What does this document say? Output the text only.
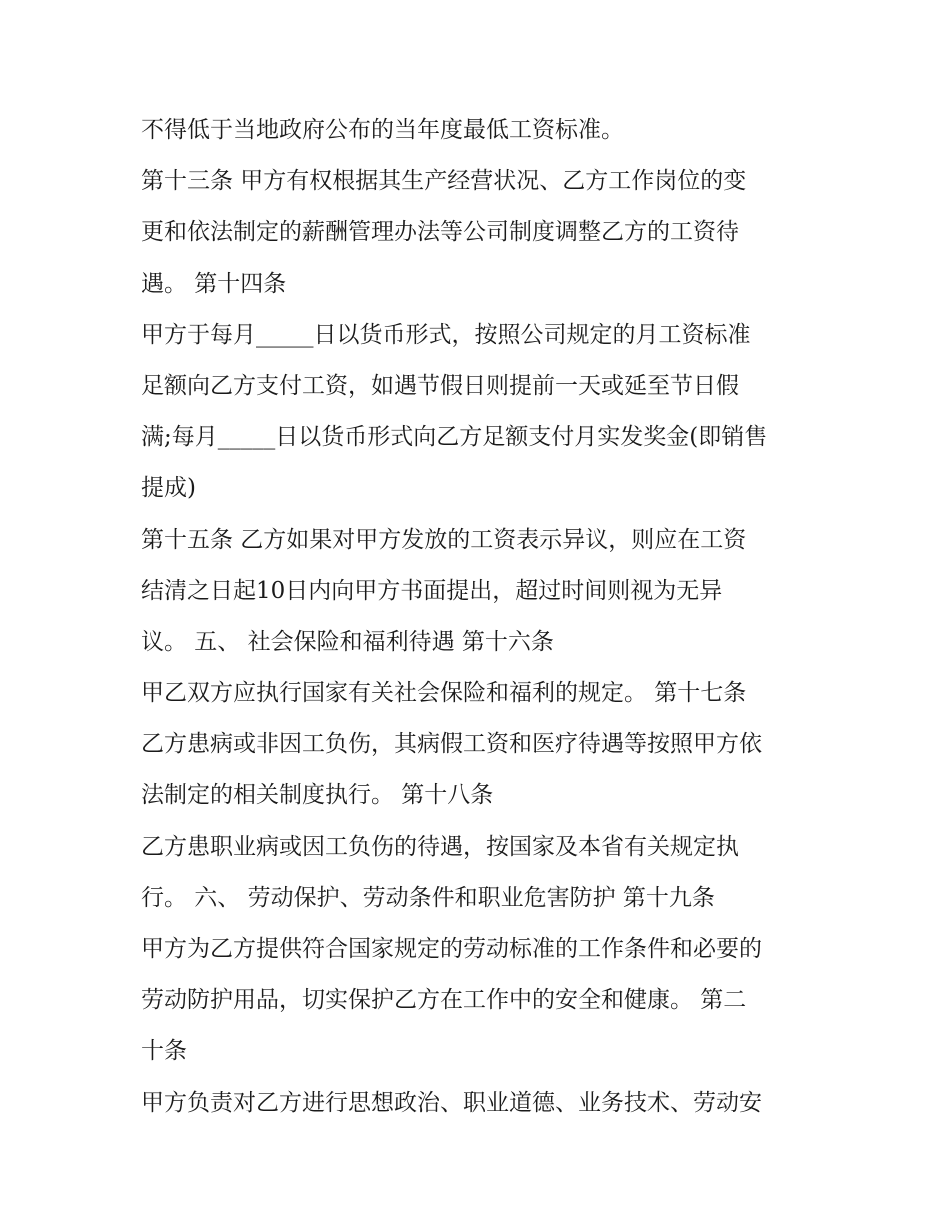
不得低于当地政府公布的当年度最低工资标准。
第十三条 甲方有权根据其生产经营状况、乙方工作岗位的变
更和依法制定的薪酬管理办法等公司制度调整乙方的工资待
遇。 第十四条
甲方于每月_____日以货币形式，按照公司规定的月工资标准
足额向乙方支付工资，如遇节假日则提前一天或延至节日假
满;每月_____日以货币形式向乙方足额支付月实发奖金(即销售
提成)
第十五条 乙方如果对甲方发放的工资表示异议，则应在工资
结清之日起10日内向甲方书面提出，超过时间则视为无异
议。 五、 社会保险和福利待遇 第十六条
甲乙双方应执行国家有关社会保险和福利的规定。 第十七条
乙方患病或非因工负伤，其病假工资和医疗待遇等按照甲方依
法制定的相关制度执行。 第十八条
乙方患职业病或因工负伤的待遇，按国家及本省有关规定执
行。 六、 劳动保护、劳动条件和职业危害防护 第十九条
甲方为乙方提供符合国家规定的劳动标准的工作条件和必要的
劳动防护用品，切实保护乙方在工作中的安全和健康。 第二
十条
甲方负责对乙方进行思想政治、职业道德、业务技术、劳动安
